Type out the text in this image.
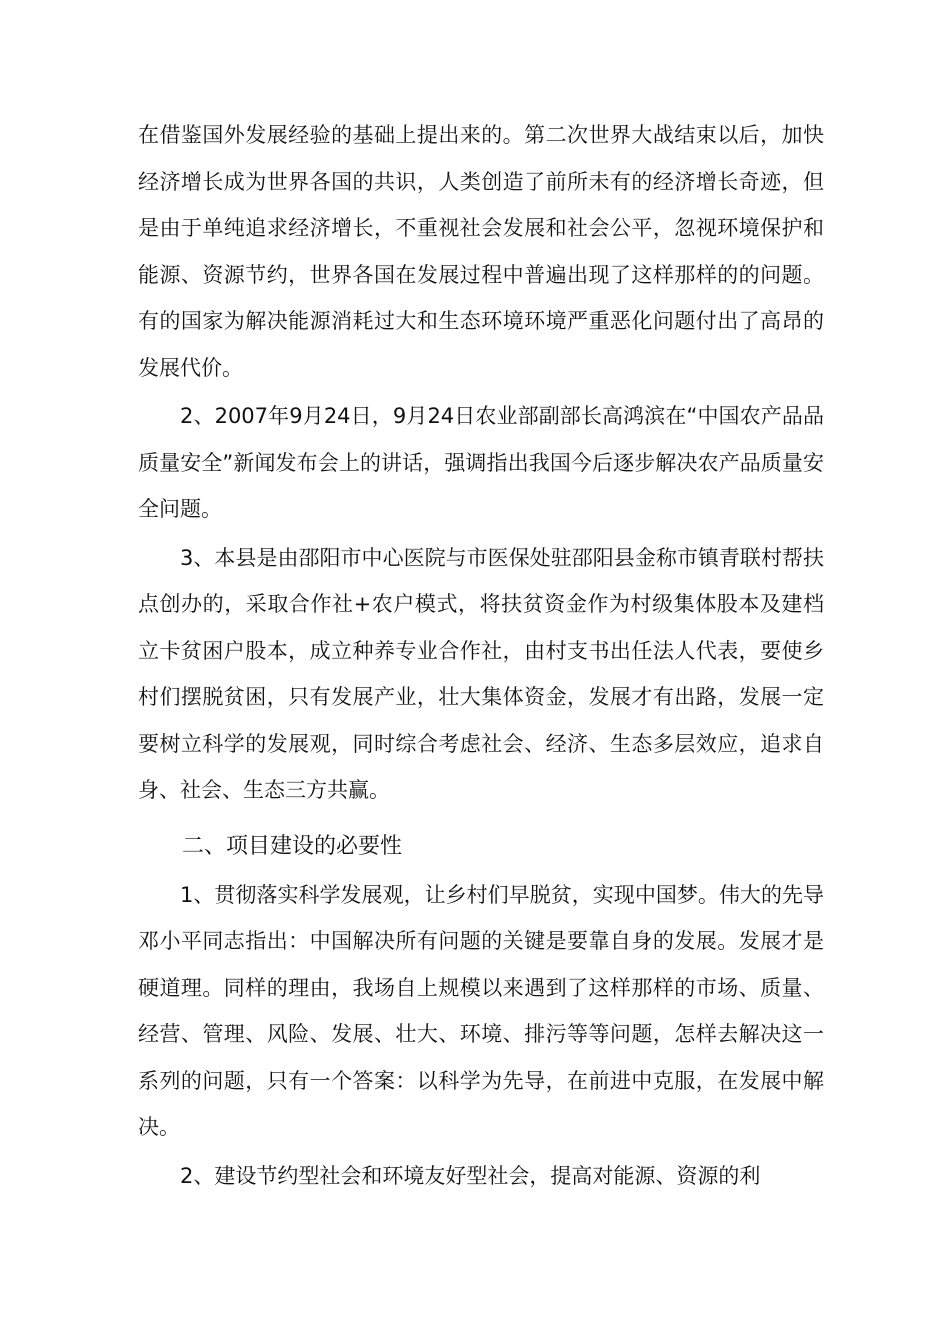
在借鉴国外发展经验的基础上提出来的。第二次世界大战结束以后，加快经济增长成为世界各国的共识，人类创造了前所未有的经济增长奇迹，但是由于单纯追求经济增长，不重视社会发展和社会公平，忽视环境保护和能源、资源节约，世界各国在发展过程中普遍出现了这样那样的的问题。有的国家为解决能源消耗过大和生态环境环境严重恶化问题付出了高昂的发展代价。

2、2007年9月24日，9月24日农业部副部长高鸿滨在“中国农产品品质量安全”新闻发布会上的讲话，强调指出我国今后逐步解决农产品质量安全问题。

3、本县是由邵阳市中心医院与市医保处驻邵阳县金称市镇青联村帮扶点创办的，采取合作社+农户模式，将扶贫资金作为村级集体股本及建档立卡贫困户股本，成立种养专业合作社，由村支书出任法人代表，要使乡村们摆脱贫困，只有发展产业，壮大集体资金，发展才有出路，发展一定要树立科学的发展观，同时综合考虑社会、经济、生态多层效应，追求自身、社会、生态三方共赢。

二、项目建设的必要性

1、贯彻落实科学发展观，让乡村们早脱贫，实现中国梦。伟大的先导邓小平同志指出：中国解决所有问题的关键是要靠自身的发展。发展才是硬道理。同样的理由，我场自上规模以来遇到了这样那样的市场、质量、经营、管理、风险、发展、壮大、环境、排污等等问题，怎样去解决这一系列的问题，只有一个答案：以科学为先导，在前进中克服，在发展中解决。

2、建设节约型社会和环境友好型社会，提高对能源、资源的利
